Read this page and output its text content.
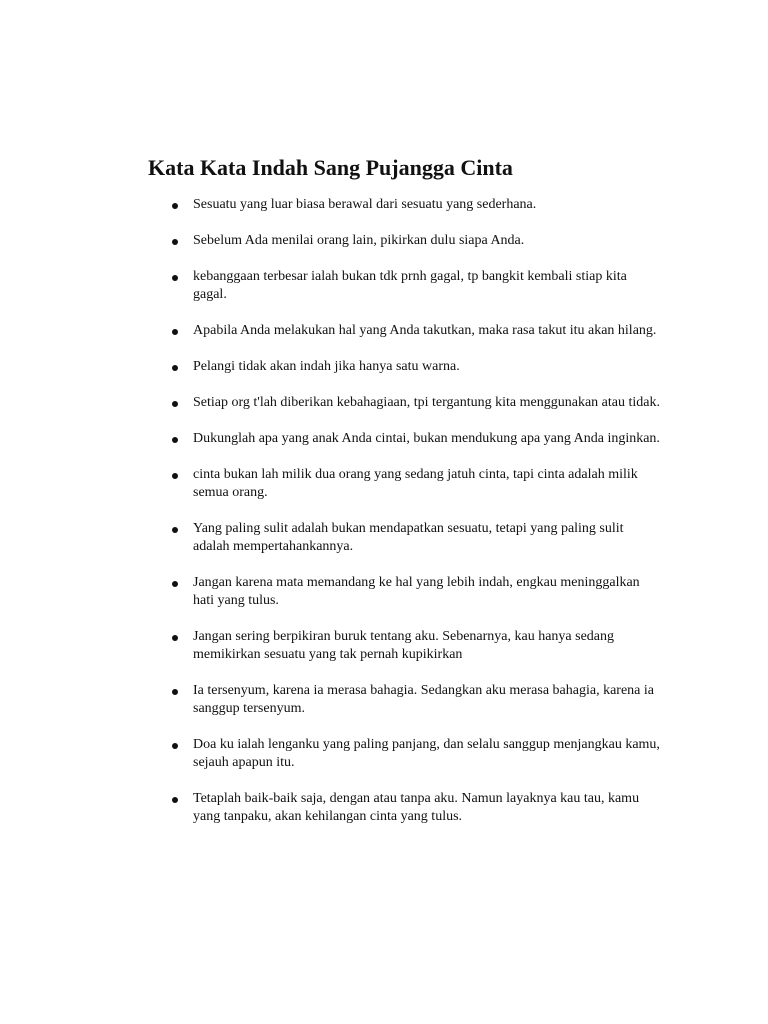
Kata Kata Indah Sang Pujangga Cinta
Sesuatu yang luar biasa berawal dari sesuatu yang sederhana.
Sebelum Ada menilai orang lain, pikirkan dulu siapa Anda.
kebanggaan terbesar ialah bukan tdk prnh gagal, tp bangkit kembali stiap kita gagal.
Apabila Anda melakukan hal yang Anda takutkan, maka rasa takut itu akan hilang.
Pelangi tidak akan indah jika hanya satu warna.
Setiap org t'lah diberikan kebahagiaan, tpi tergantung kita menggunakan atau tidak.
Dukunglah apa yang anak Anda cintai, bukan mendukung apa yang Anda inginkan.
cinta bukan lah milik dua orang yang sedang jatuh cinta, tapi cinta adalah milik semua orang.
Yang paling sulit adalah bukan mendapatkan sesuatu, tetapi yang paling sulit adalah mempertahankannya.
Jangan karena mata memandang ke hal yang lebih indah, engkau meninggalkan hati yang tulus.
Jangan sering berpikiran buruk tentang aku. Sebenarnya, kau hanya sedang memikirkan sesuatu yang tak pernah kupikirkan
Ia tersenyum, karena ia merasa bahagia. Sedangkan aku merasa bahagia, karena ia sanggup tersenyum.
Doa ku ialah lenganku yang paling panjang, dan selalu sanggup menjangkau kamu, sejauh apapun itu.
Tetaplah baik-baik saja, dengan atau tanpa aku. Namun layaknya kau tau, kamu yang tanpaku, akan kehilangan cinta yang tulus.
